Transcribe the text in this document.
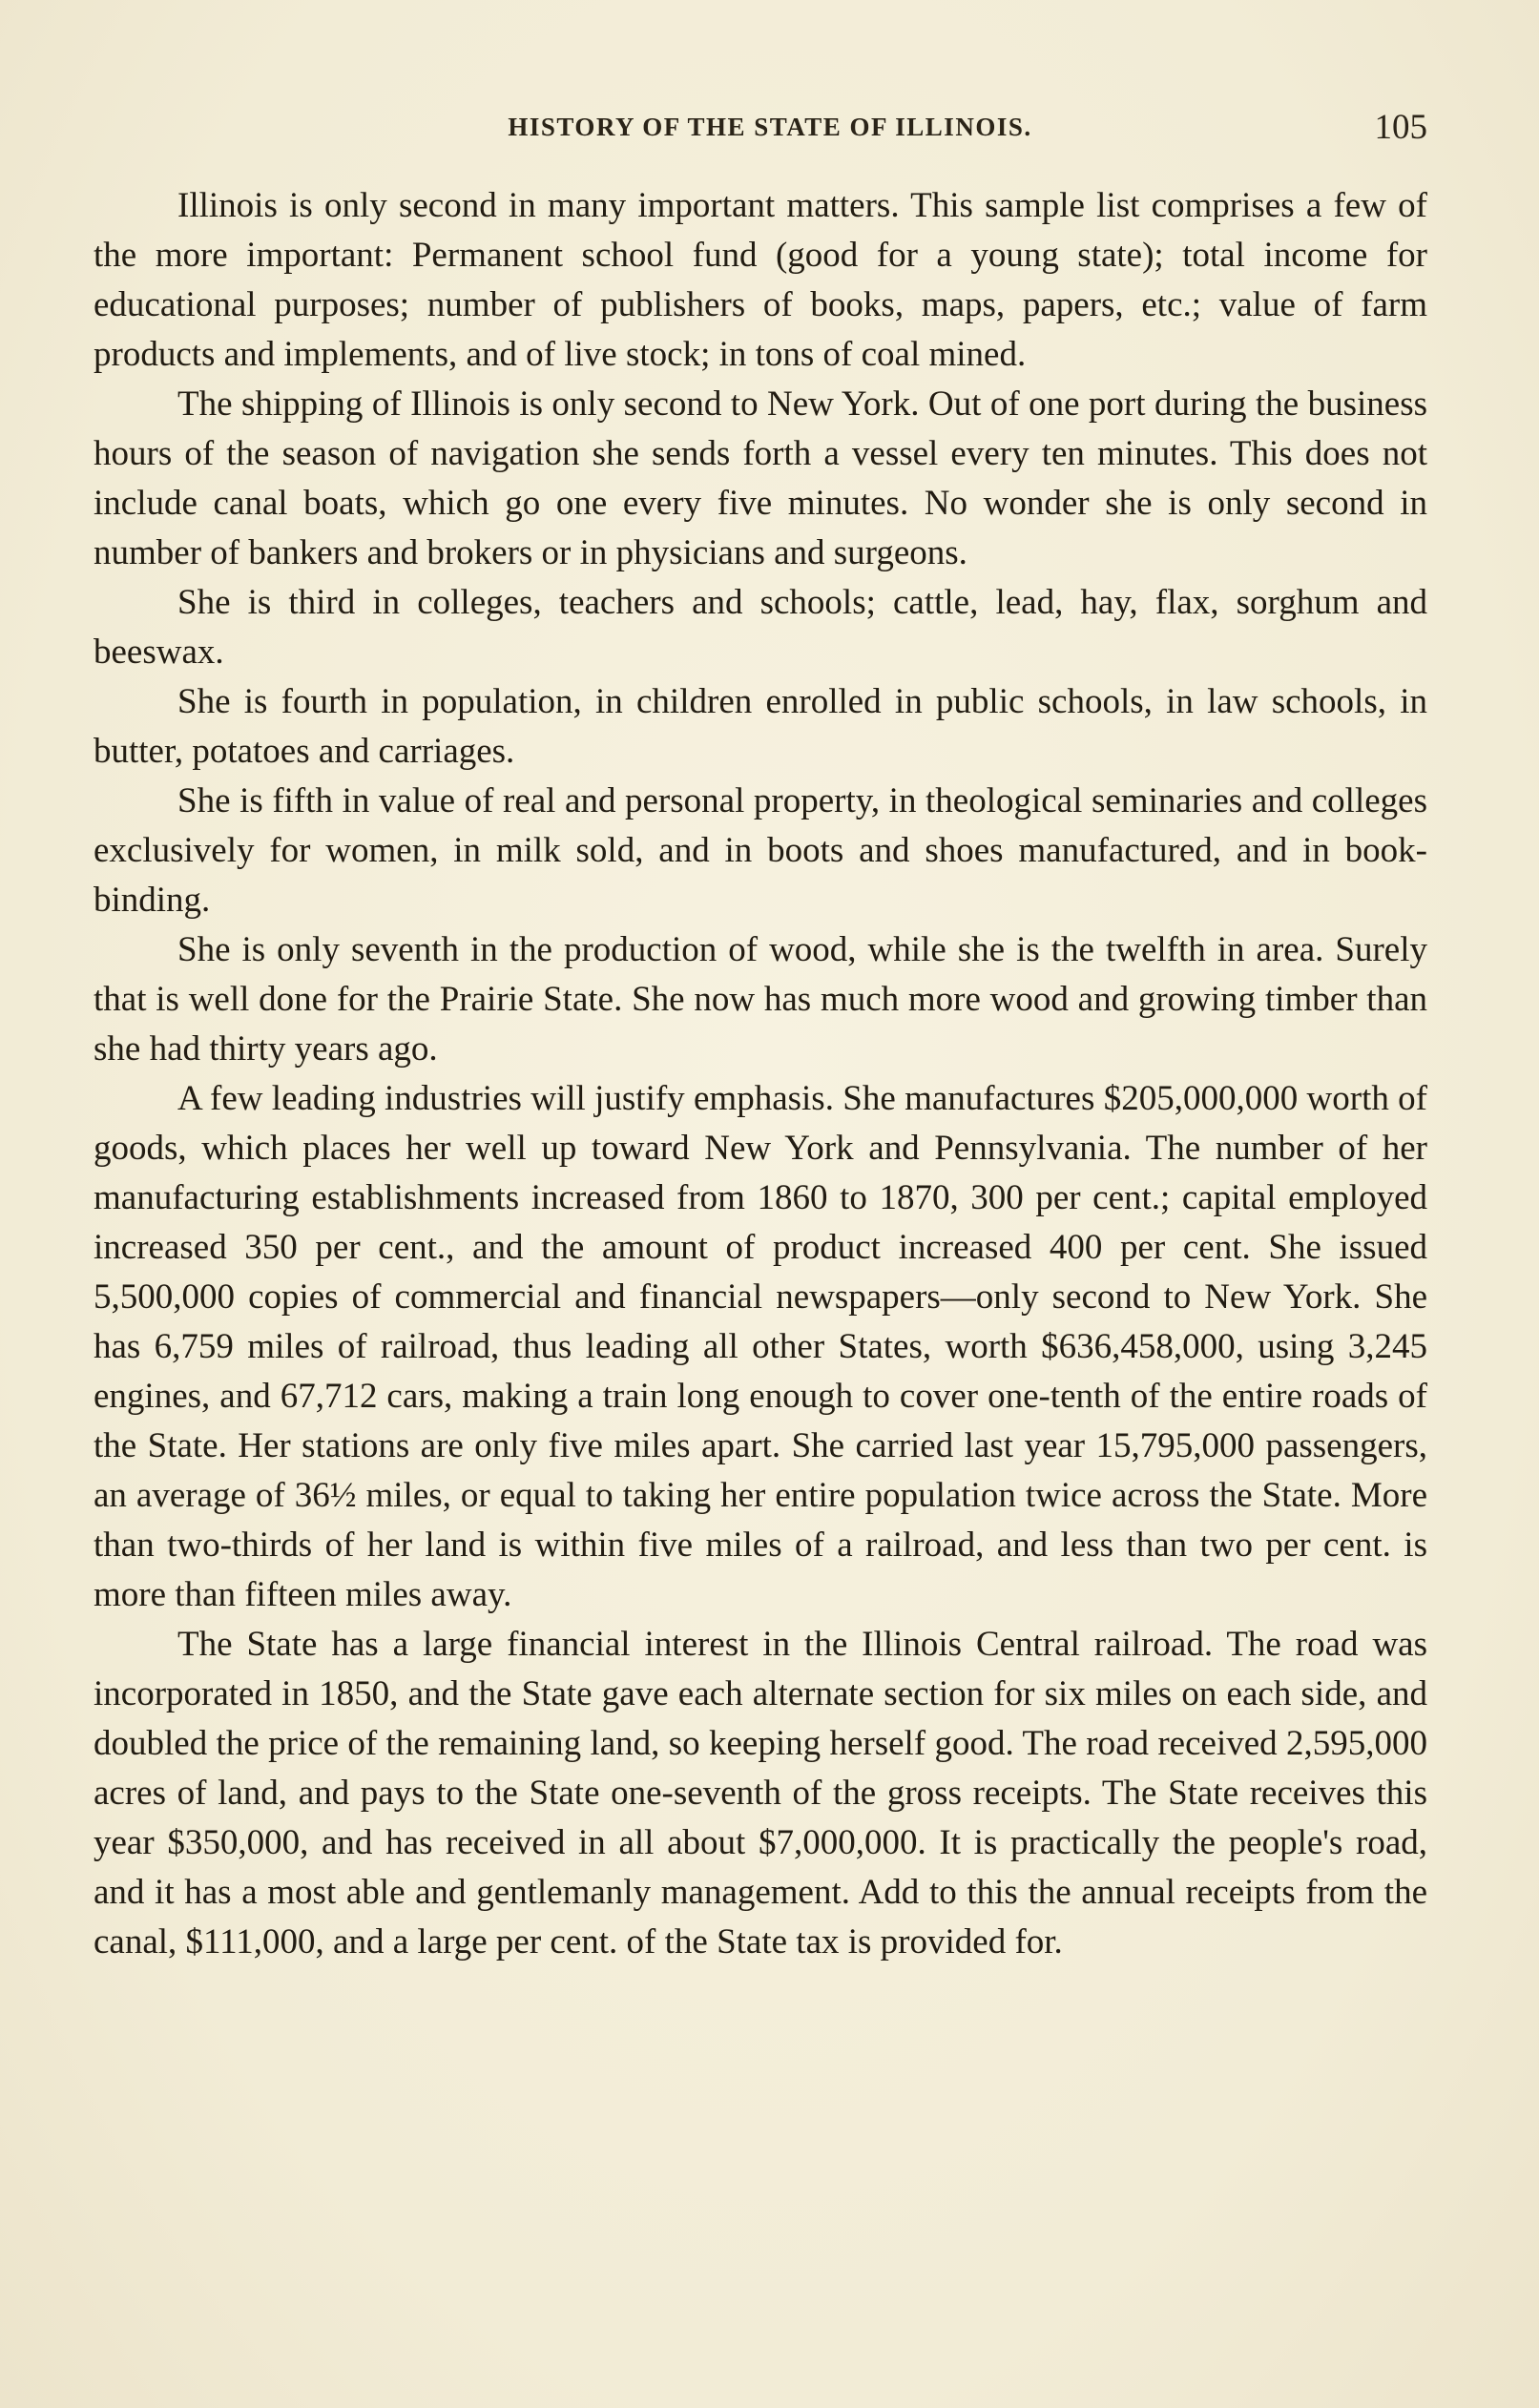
HISTORY OF THE STATE OF ILLINOIS.	105

Illinois is only second in many important matters. This sample list comprises a few of the more important: Permanent school fund (good for a young state); total income for educational purposes; number of publishers of books, maps, papers, etc.; value of farm products and implements, and of live stock; in tons of coal mined.

The shipping of Illinois is only second to New York. Out of one port during the business hours of the season of navigation she sends forth a vessel every ten minutes. This does not include canal boats, which go one every five minutes. No wonder she is only second in number of bankers and brokers or in physicians and surgeons.

She is third in colleges, teachers and schools; cattle, lead, hay, flax, sorghum and beeswax.

She is fourth in population, in children enrolled in public schools, in law schools, in butter, potatoes and carriages.

She is fifth in value of real and personal property, in theological seminaries and colleges exclusively for women, in milk sold, and in boots and shoes manufactured, and in book-binding.

She is only seventh in the production of wood, while she is the twelfth in area. Surely that is well done for the Prairie State. She now has much more wood and growing timber than she had thirty years ago.

A few leading industries will justify emphasis. She manufactures $205,000,000 worth of goods, which places her well up toward New York and Pennsylvania. The number of her manufacturing establishments increased from 1860 to 1870, 300 per cent.; capital employed increased 350 per cent., and the amount of product increased 400 per cent. She issued 5,500,000 copies of commercial and financial newspapers—only second to New York. She has 6,759 miles of railroad, thus leading all other States, worth $636,458,000, using 3,245 engines, and 67,712 cars, making a train long enough to cover one-tenth of the entire roads of the State. Her stations are only five miles apart. She carried last year 15,795,000 passengers, an average of 36½ miles, or equal to taking her entire population twice across the State. More than two-thirds of her land is within five miles of a railroad, and less than two per cent. is more than fifteen miles away.

The State has a large financial interest in the Illinois Central railroad. The road was incorporated in 1850, and the State gave each alternate section for six miles on each side, and doubled the price of the remaining land, so keeping herself good. The road received 2,595,000 acres of land, and pays to the State one-seventh of the gross receipts. The State receives this year $350,000, and has received in all about $7,000,000. It is practically the people's road, and it has a most able and gentlemanly management. Add to this the annual receipts from the canal, $111,000, and a large per cent. of the State tax is provided for.
